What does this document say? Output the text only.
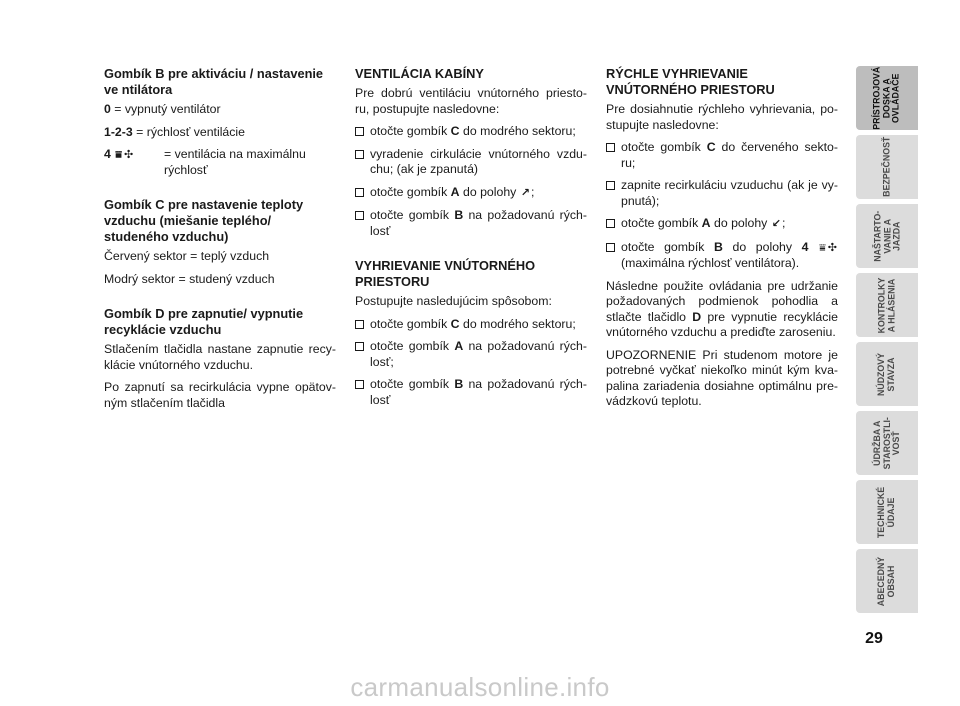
Gombík B pre aktiváciu / nastavenie ve ntilátora
0
= vypnutý ventilátor
1-2-3
= rýchlosť ventilácie
4 ⩸ ✣	= ventilácia na maximálnu rýchlosť
Gombík C pre nastavenie teploty vzduchu (miešanie teplého/ studeného vzduchu)
Červený sektor = teplý vzduch
Modrý sektor = studený vzduch
Gombík D pre zapnutie/ vypnutie recyklácie vzduchu
Stlačením tlačidla nastane zapnutie recy-klácie vnútorného vzduchu.
Po zapnutí sa recirkulácia vypne opätov-ným stlačením tlačidla
VENTILÁCIA KABÍNY
Pre dobrú ventiláciu vnútorného priesto-ru, postupujte nasledovne:
otočte gombík C do modrého sektoru;
vyradenie cirkulácie vnútorného vzdu-chu; (ak je zpanutá)
otočte gombík A do polohy ↗;
otočte gombík B na požadovanú rých-losť
VYHRIEVANIE VNÚTORNÉHO PRIESTORU
Postupujte nasledujúcim spôsobom:
otočte gombík C do modrého sektoru;
otočte gombík A na požadovanú rých-losť;
otočte gombík B na požadovanú rých-losť
RÝCHLE VYHRIEVANIE VNÚTORNÉHO PRIESTORU
Pre dosiahnutie rýchleho vyhrievania, po-stupujte nasledovne:
otočte gombík C do červeného sekto-ru;
zapnite recirkuláciu vzuduchu (ak je vy-pnutá);
otočte gombík A do polohy ↙;
otočte gombík B do polohy 4 ⩸ ✣ (maximálna rýchlosť ventilátora).
Následne použite ovládania pre udržanie požadovaných podmienok pohodlia a stlačte tlačidlo D pre vypnutie recyklácie vnútorného vzduchu a prediďte zaroseniu.
UPOZORNENIE Pri studenom motore je potrebné vyčkať niekoľko minút kým kva-palina zariadenia dosiahne optimálnu pre-vádzkovú teplotu.
PRÍSTROJOVÁ
DOSKA A
OVLÁDAČE
BEZPEČNOSŤ
NAŠTARTO-
VANIE A
JAZDA
KONTROLKY
A HLÁSENIA
NÚDZOVÝ
STAVZA
ÚDRŽBA A
STAROSTLI-
VOSŤ
TECHNICKÉ
ÚDAJE
ABECEDNÝ
OBSAH
29
carmanualsonline.info
